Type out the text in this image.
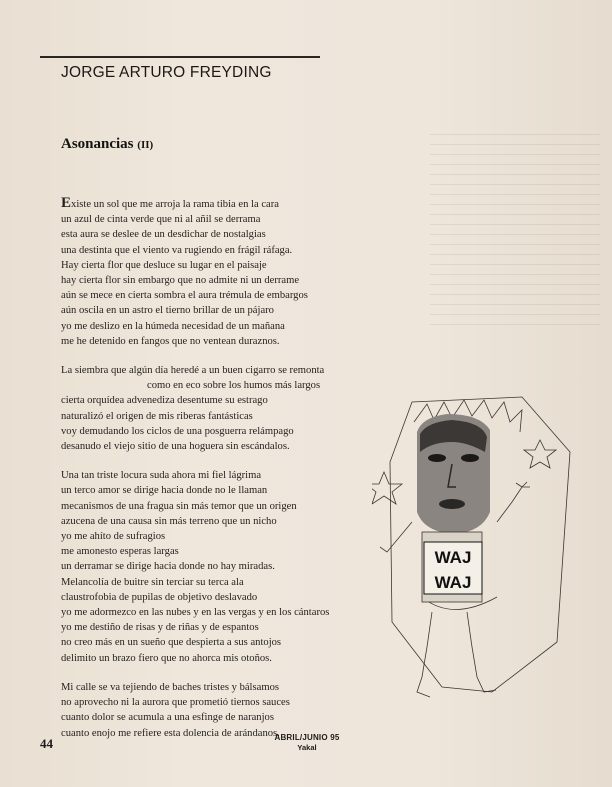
JORGE ARTURO FREYDING
Asonancias (II)
Existe un sol que me arroja la rama tibia en la cara
un azul de cinta verde que ni al añil se derrama
esta aura se deslee de un desdichar de nostalgias
una destinta que el viento va rugiendo en frágil ráfaga.
Hay cierta flor que desluce su lugar en el paisaje
hay cierta flor sin embargo que no admite ni un derrame
aún se mece en cierta sombra el aura trémula de embargos
aún oscila en un astro el tierno brillar de un pájaro
yo me deslizo en la húmeda necesidad de un mañana
me he detenido en fangos que no ventean duraznos.
La siembra que algún día heredé a un buen cigarro se remonta
como en eco sobre los humos más largos
cierta orquídea advenediza desentume su estrago
naturalizó el origen de mis riberas fantásticas
voy demudando los ciclos de una posguerra relámpago
desanudo el viejo sitio de una hoguera sin escándalos.
Una tan triste locura suda ahora mi fiel lágrima
un terco amor se dirige hacia donde no le llaman
mecanismos de una fragua sin más temor que un origen
azucena de una causa sin más terreno que un nicho
yo me ahíto de sufragios
me amonesto esperas largas
un derramar se dirige hacia donde no hay miradas.
Melancolía de buitre sin terciar su terca ala
claustrofobia de pupilas de objetivo deslavado
yo me adormezco en las nubes y en las vergas y en los cántaros
yo me destiño de risas y de riñas y de espantos
no creo más en un sueño que despierta a sus antojos
delimito un brazo fiero que no ahorca mis otoños.
Mi calle se va tejiendo de baches tristes y bálsamos
no aprovecho ni la aurora que prometió tiernos sauces
cuanto dolor se acumula a una esfinge de naranjos
cuanto enojo me refiere esta dolencia de arándanos.
WAJ
WAJ
44	ABRIL/JUNIO 95
Yakal
